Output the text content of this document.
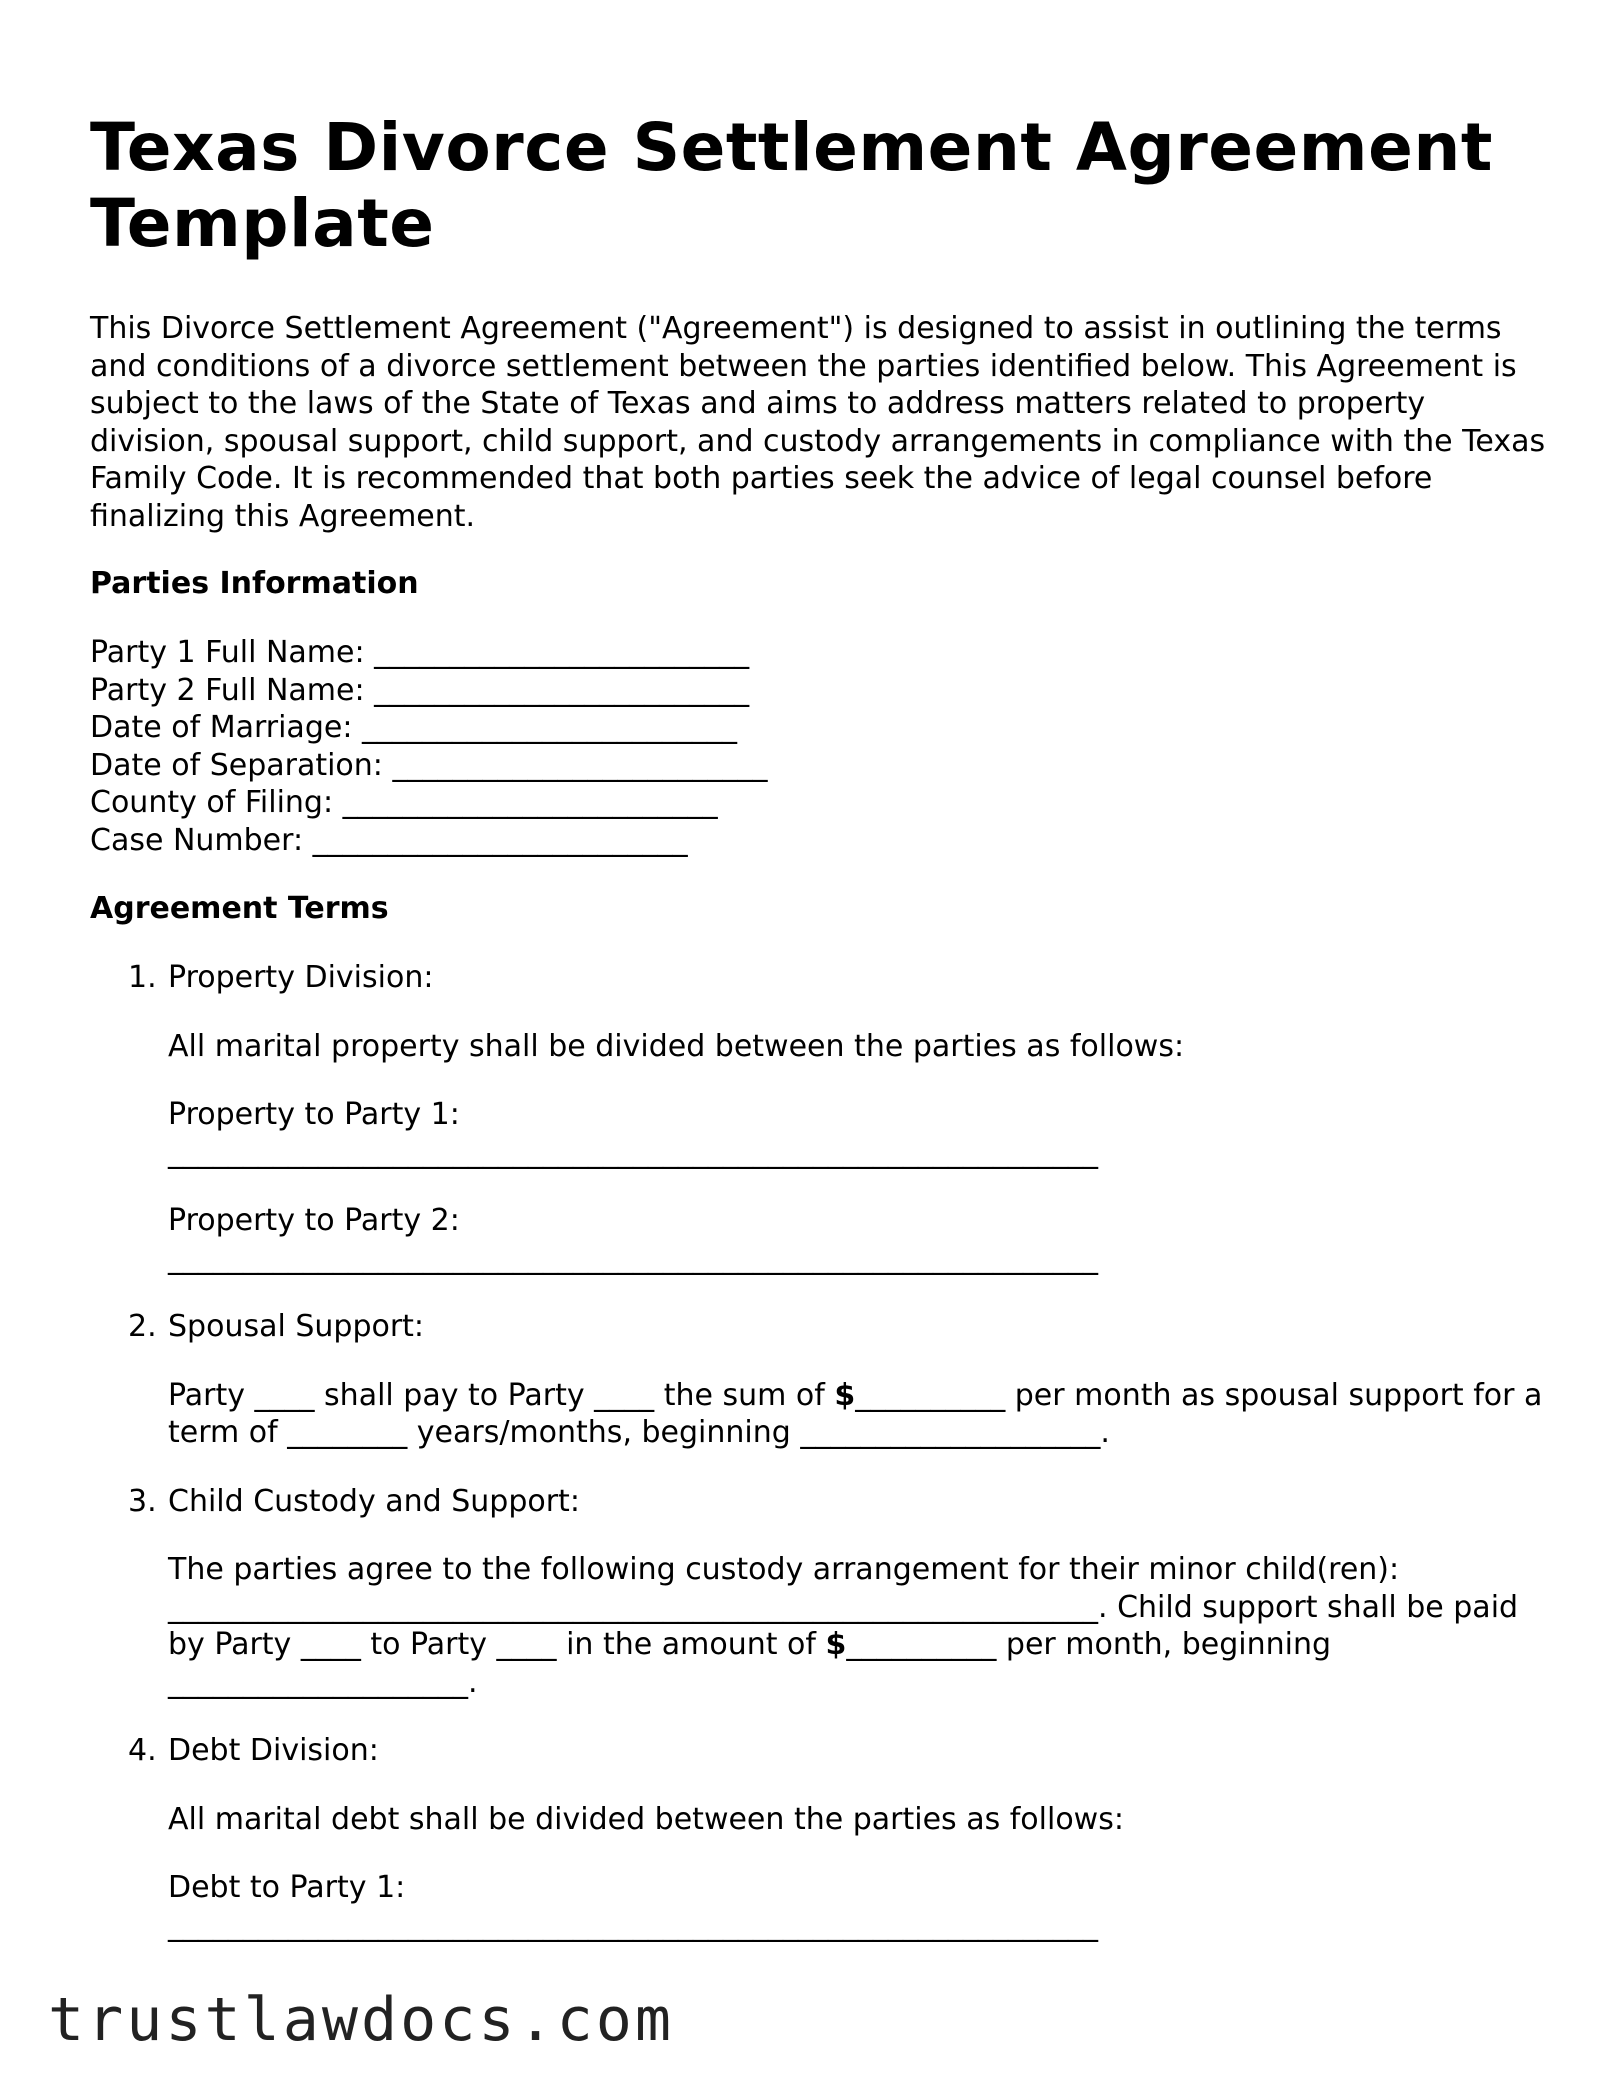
Texas Divorce Settlement Agreement Template

This Divorce Settlement Agreement ("Agreement") is designed to assist in outlining the terms and conditions of a divorce settlement between the parties identified below. This Agreement is subject to the laws of the State of Texas and aims to address matters related to property division, spousal support, child support, and custody arrangements in compliance with the Texas Family Code. It is recommended that both parties seek the advice of legal counsel before finalizing this Agreement.

Parties Information
Party 1 Full Name: _________________________
Party 2 Full Name: _________________________
Date of Marriage: _________________________
Date of Separation: _________________________
County of Filing: _________________________
Case Number: _________________________
Agreement Terms
1. Property Division:
All marital property shall be divided between the parties as follows:
Property to Party 1:
______________________________________________________________
Property to Party 2:
______________________________________________________________
2. Spousal Support:
Party ____ shall pay to Party ____ the sum of $__________ per month as spousal support for a term of ________ years/months, beginning ____________________.
3. Child Custody and Support:
The parties agree to the following custody arrangement for their minor child(ren): ______________________________________________________________. Child support shall be paid by Party ____ to Party ____ in the amount of $__________ per month, beginning ____________________.
4. Debt Division:
All marital debt shall be divided between the parties as follows:
Debt to Party 1:
______________________________________________________________
trustlawdocs.com
